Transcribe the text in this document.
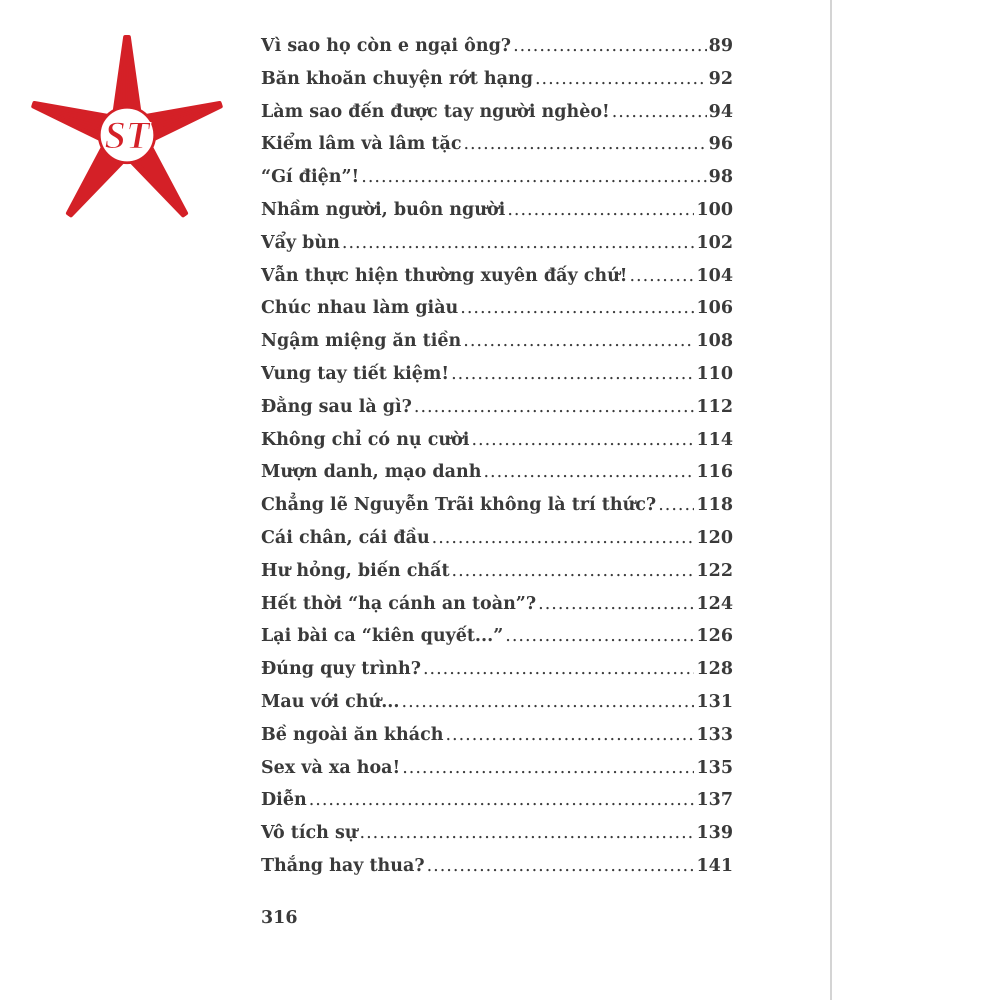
ST
Vì sao họ còn e ngại ông? .....	89
Băn khoăn chuyện rớt hạng .....	92
Làm sao đến được tay người nghèo! .....	94
Kiểm lâm và lâm tặc .....	96
“Gí điện”! .....	98
Nhầm người, buôn người .....	100
Vẩy bùn .....	102
Vẫn thực hiện thường xuyên đấy chứ! .....	104
Chúc nhau làm giàu .....	106
Ngậm miệng ăn tiền .....	108
Vung tay tiết kiệm! .....	110
Đằng sau là gì? .....	112
Không chỉ có nụ cười .....	114
Mượn danh, mạo danh .....	116
Chẳng lẽ Nguyễn Trãi không là trí thức? ..... 118
Cái chân, cái đầu .....	120
Hư hỏng, biến chất .....	122
Hết thời “hạ cánh an toàn”? .....	124
Lại bài ca “kiên quyết...” .....	126
Đúng quy trình? .....	128
Mau với chứ... .....	131
Bề ngoài ăn khách .....	133
Sex và xa hoa! .....	135
Diễn .....	137
Vô tích sự .....	139
Thắng hay thua? .....	141
316
